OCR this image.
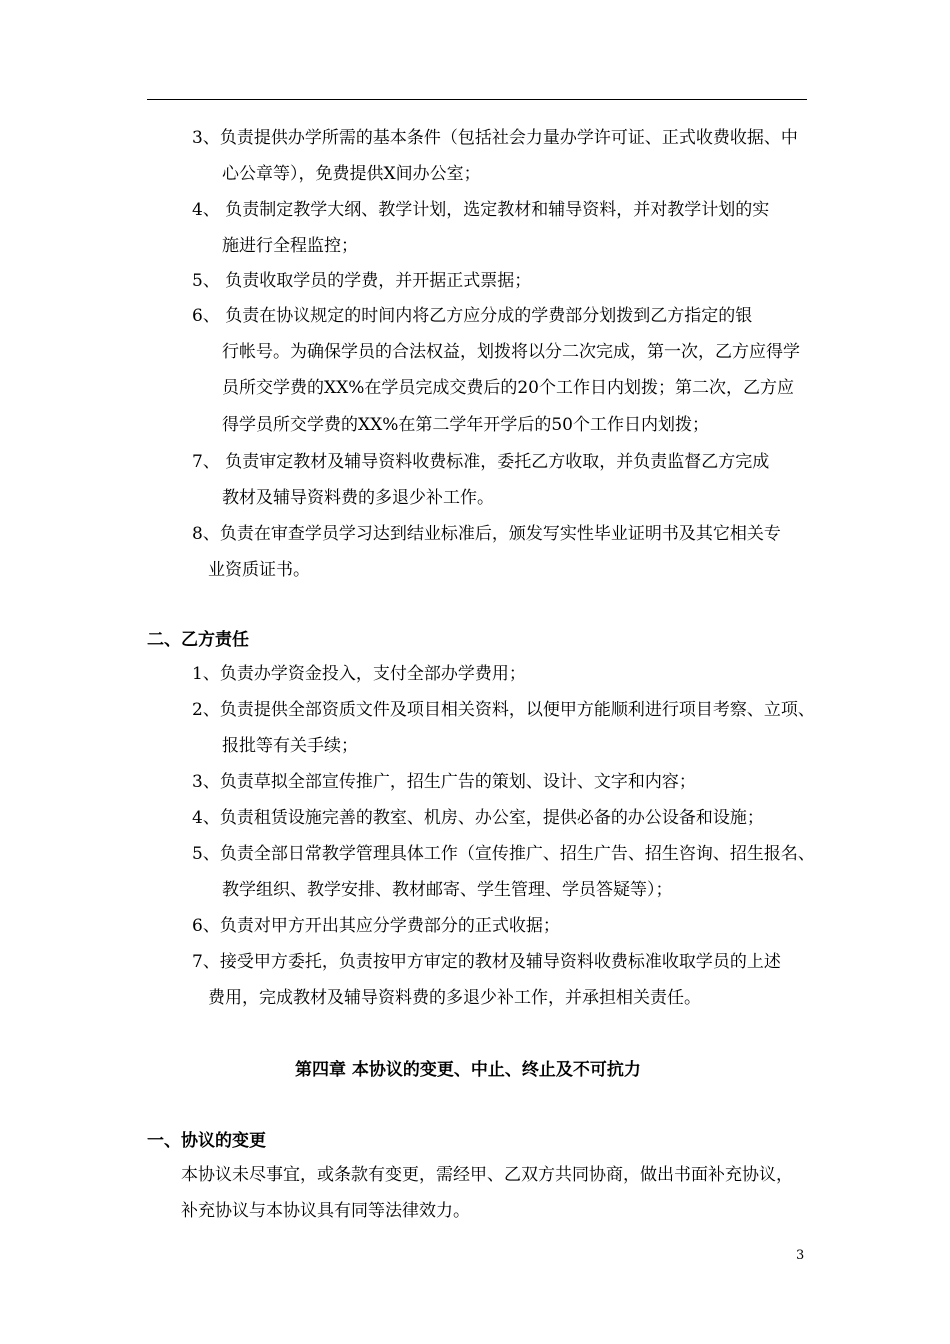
3、负责提供办学所需的基本条件（包括社会力量办学许可证、正式收费收据、中
心公章等），免费提供X间办公室；
4、 负责制定教学大纲、教学计划，选定教材和辅导资料，并对教学计划的实
施进行全程监控；
5、 负责收取学员的学费，并开据正式票据；
6、 负责在协议规定的时间内将乙方应分成的学费部分划拨到乙方指定的银
行帐号。为确保学员的合法权益，划拨将以分二次完成，第一次，乙方应得学
员所交学费的XX%在学员完成交费后的20个工作日内划拨；第二次，乙方应
得学员所交学费的XX%在第二学年开学后的50个工作日内划拨；
7、 负责审定教材及辅导资料收费标准，委托乙方收取，并负责监督乙方完成
教材及辅导资料费的多退少补工作。
8、负责在审查学员学习达到结业标准后，颁发写实性毕业证明书及其它相关专
业资质证书。
二、乙方责任
1、负责办学资金投入，支付全部办学费用；
2、负责提供全部资质文件及项目相关资料，以便甲方能顺利进行项目考察、立项、
报批等有关手续；
3、负责草拟全部宣传推广，招生广告的策划、设计、文字和内容；
4、负责租赁设施完善的教室、机房、办公室，提供必备的办公设备和设施；
5、负责全部日常教学管理具体工作（宣传推广、招生广告、招生咨询、招生报名、
教学组织、教学安排、教材邮寄、学生管理、学员答疑等）；
6、负责对甲方开出其应分学费部分的正式收据；
7、接受甲方委托，负责按甲方审定的教材及辅导资料收费标准收取学员的上述
费用，完成教材及辅导资料费的多退少补工作，并承担相关责任。
第四章 本协议的变更、中止、终止及不可抗力
一、协议的变更
本协议未尽事宜，或条款有变更，需经甲、乙双方共同协商，做出书面补充协议，
补充协议与本协议具有同等法律效力。
3
